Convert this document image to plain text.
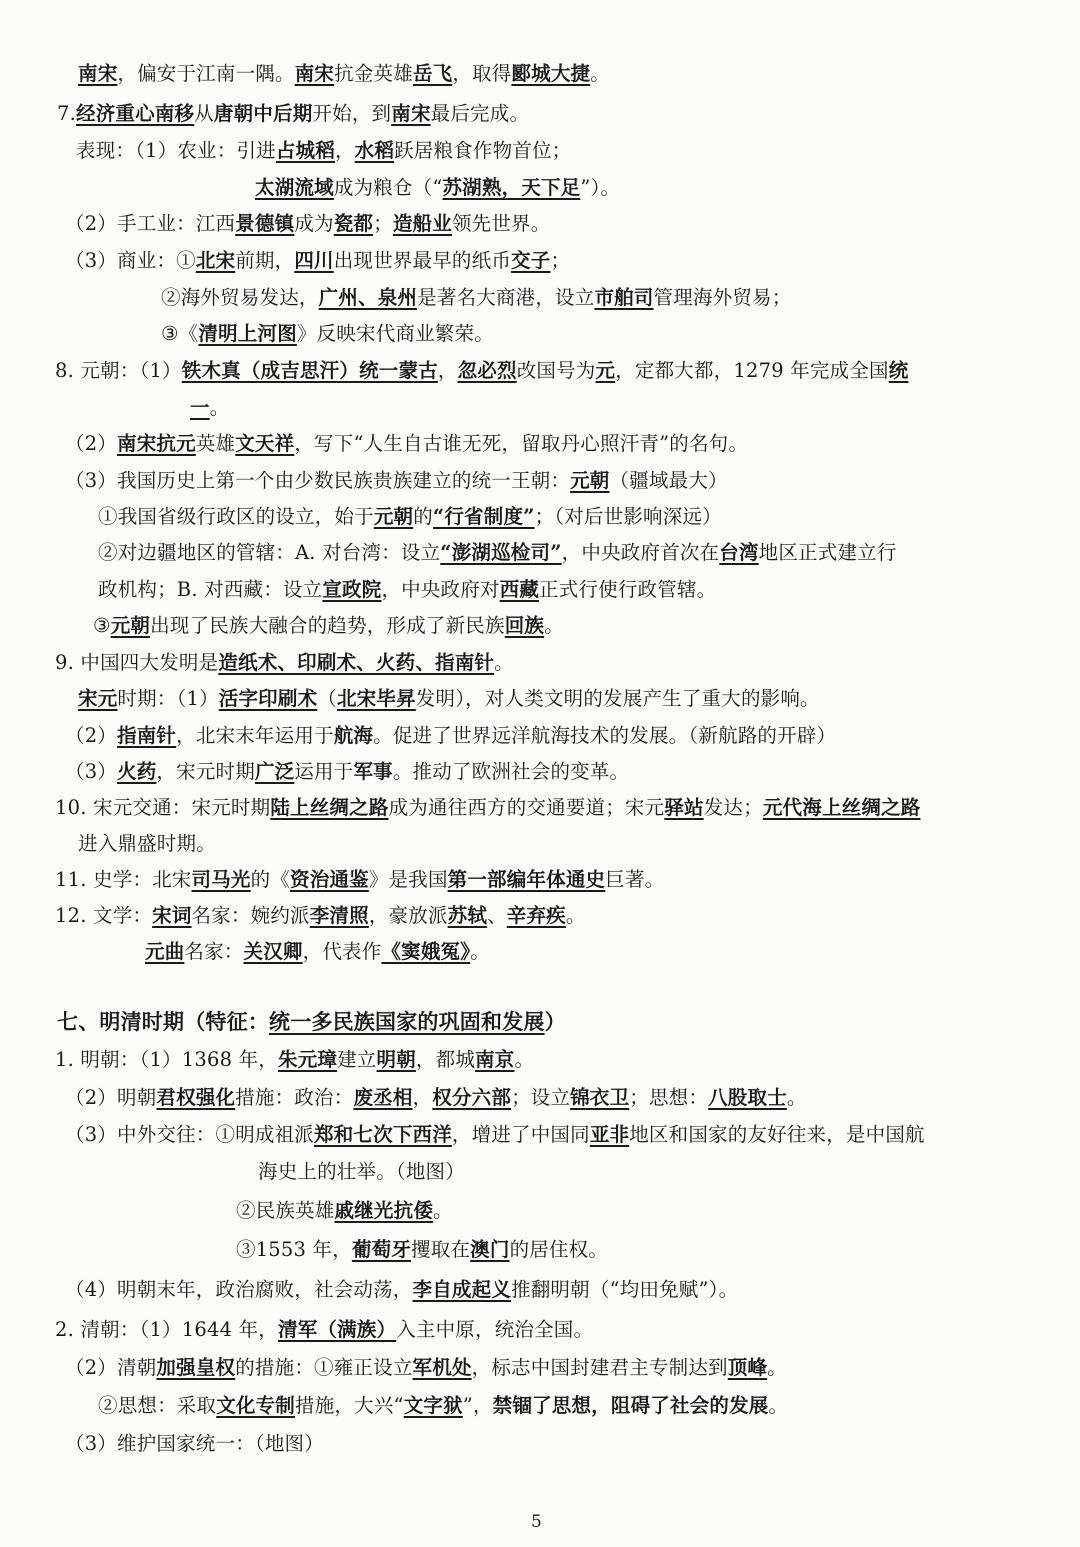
南宋，偏安于江南一隅。南宋抗金英雄岳飞，取得郾城大捷。
7.经济重心南移从唐朝中后期开始，到南宋最后完成。
表现：（1）农业：引进占城稻，水稻跃居粮食作物首位；
太湖流域成为粮仓（“苏湖熟，天下足”）。
（2）手工业：江西景德镇成为瓷都；造船业领先世界。
（3）商业：①北宋前期，四川出现世界最早的纸币交子；
②海外贸易发达，广州、泉州是著名大商港，设立市舶司管理海外贸易；
③《清明上河图》反映宋代商业繁荣。
8. 元朝：（1）铁木真（成吉思汗）统一蒙古，忽必烈改国号为元，定都大都，1279 年完成全国统
一。
（2）南宋抗元英雄文天祥，写下“人生自古谁无死，留取丹心照汗青”的名句。
（3）我国历史上第一个由少数民族贵族建立的统一王朝：元朝（疆域最大）
①我国省级行政区的设立，始于元朝的“行省制度”；（对后世影响深远）
②对边疆地区的管辖：A. 对台湾：设立“澎湖巡检司”，中央政府首次在台湾地区正式建立行
政机构；B. 对西藏：设立宣政院，中央政府对西藏正式行使行政管辖。
③元朝出现了民族大融合的趋势，形成了新民族回族。
9. 中国四大发明是造纸术、印刷术、火药、指南针。
宋元时期：（1）活字印刷术（北宋毕昇发明），对人类文明的发展产生了重大的影响。
（2）指南针，北宋末年运用于航海。促进了世界远洋航海技术的发展。（新航路的开辟）
（3）火药，宋元时期广泛运用于军事。推动了欧洲社会的变革。
10. 宋元交通：宋元时期陆上丝绸之路成为通往西方的交通要道；宋元驿站发达；元代海上丝绸之路
进入鼎盛时期。
11. 史学：北宋司马光的《资治通鉴》是我国第一部编年体通史巨著。
12. 文学：宋词名家：婉约派李清照，豪放派苏轼、辛弃疾。
元曲名家：关汉卿，代表作《窦娥冤》。
七、明清时期（特征：统一多民族国家的巩固和发展）
1. 明朝：（1）1368 年，朱元璋建立明朝，都城南京。
（2）明朝君权强化措施：政治：废丞相，权分六部；设立锦衣卫；思想：八股取士。
（3）中外交往：①明成祖派郑和七次下西洋，增进了中国同亚非地区和国家的友好往来，是中国航
海史上的壮举。（地图）
②民族英雄戚继光抗倭。
③1553 年，葡萄牙攫取在澳门的居住权。
（4）明朝末年，政治腐败，社会动荡，李自成起义推翻明朝（“均田免赋”）。
2. 清朝：（1）1644 年，清军（满族）入主中原，统治全国。
（2）清朝加强皇权的措施：①雍正设立军机处，标志中国封建君主专制达到顶峰。
②思想：采取文化专制措施，大兴“文字狱”，禁锢了思想，阻碍了社会的发展。
（3）维护国家统一：（地图）
5
